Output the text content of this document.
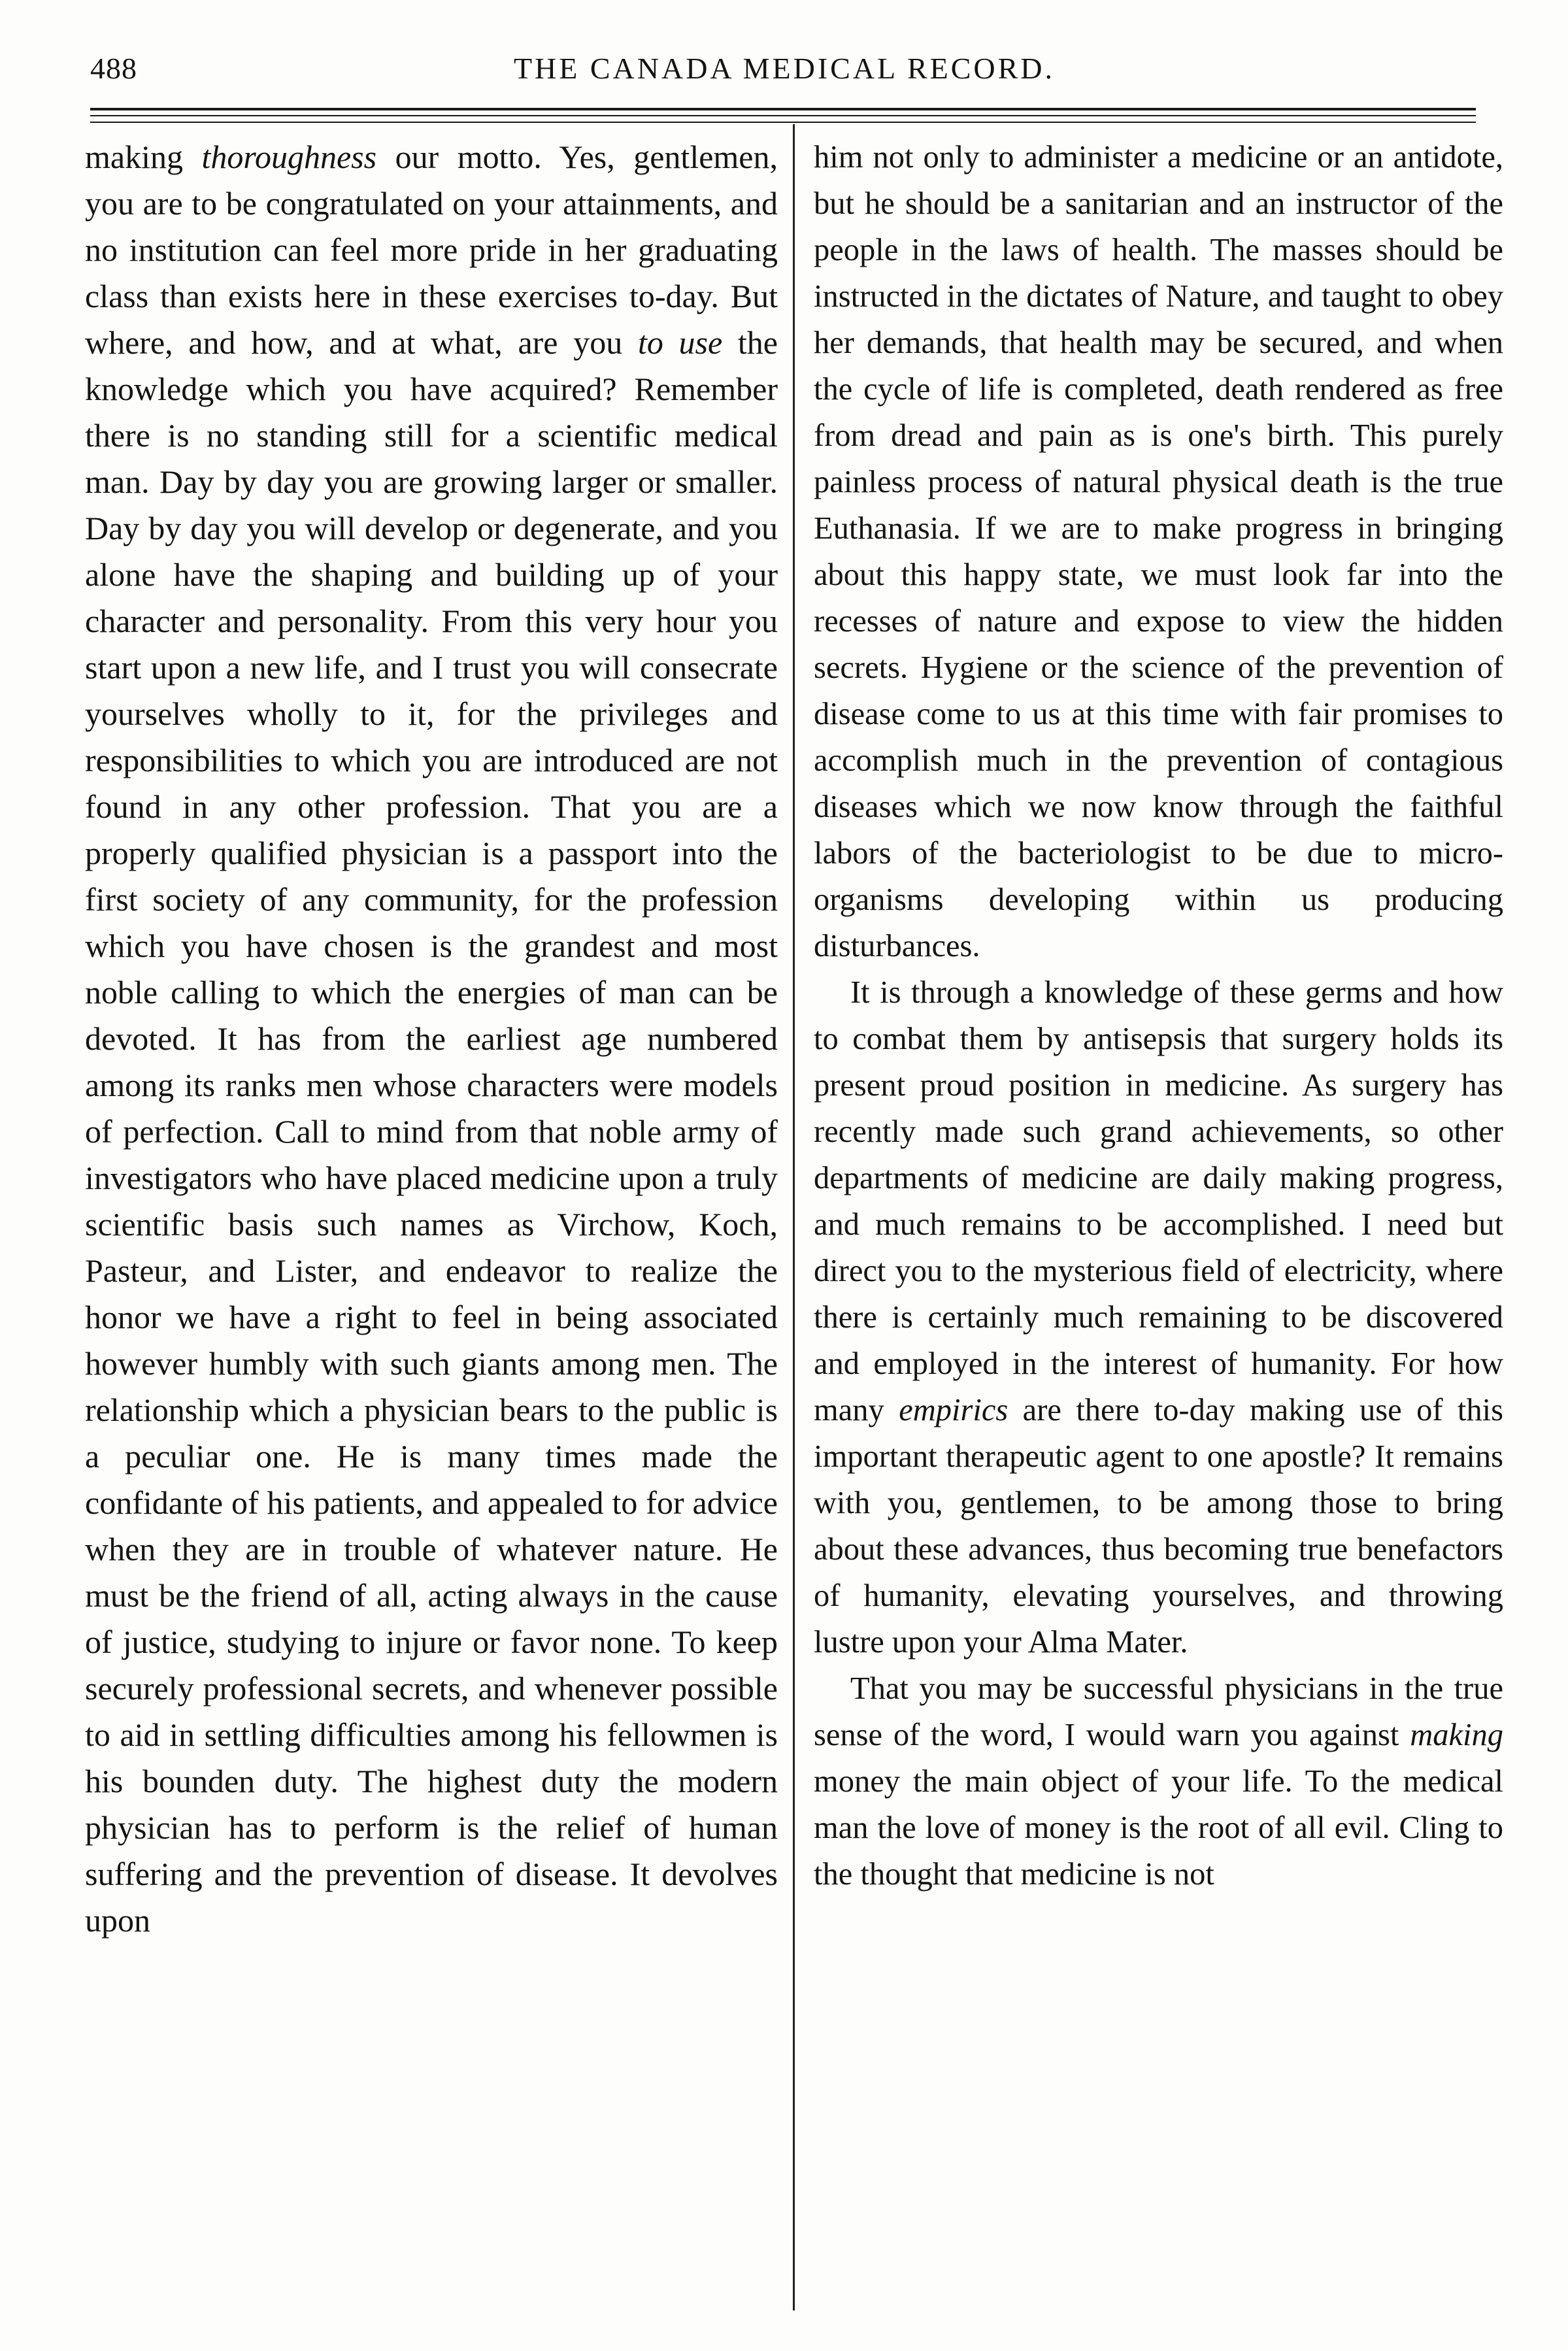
488	THE CANADA MEDICAL RECORD.

making thoroughness our motto. Yes, gentlemen, you are to be congratulated on your attainments, and no institution can feel more pride in her graduating class than exists here in these exercises to-day. But where, and how, and at what, are you to use the knowledge which you have acquired? Remember there is no standing still for a scientific medical man. Day by day you are growing larger or smaller. Day by day you will develop or degenerate, and you alone have the shaping and building up of your character and personality. From this very hour you start upon a new life, and I trust you will consecrate yourselves wholly to it, for the privileges and responsibilities to which you are introduced are not found in any other profession. That you are a properly qualified physician is a passport into the first society of any community, for the profession which you have chosen is the grandest and most noble calling to which the energies of man can be devoted. It has from the earliest age numbered among its ranks men whose characters were models of perfection. Call to mind from that noble army of investigators who have placed medicine upon a truly scientific basis such names as Virchow, Koch, Pasteur, and Lister, and endeavor to realize the honor we have a right to feel in being associated however humbly with such giants among men. The relationship which a physician bears to the public is a peculiar one. He is many times made the confidante of his patients, and appealed to for advice when they are in trouble of whatever nature. He must be the friend of all, acting always in the cause of justice, studying to injure or favor none. To keep securely professional secrets, and whenever possible to aid in settling difficulties among his fellowmen is his bounden duty. The highest duty the modern physician has to perform is the relief of human suffering and the prevention of disease. It devolves upon

him not only to administer a medicine or an antidote, but he should be a sanitarian and an instructor of the people in the laws of health. The masses should be instructed in the dictates of Nature, and taught to obey her demands, that health may be secured, and when the cycle of life is completed, death rendered as free from dread and pain as is one's birth. This purely painless process of natural physical death is the true Euthanasia. If we are to make progress in bringing about this happy state, we must look far into the recesses of nature and expose to view the hidden secrets. Hygiene or the science of the prevention of disease come to us at this time with fair promises to accomplish much in the prevention of contagious diseases which we now know through the faithful labors of the bacteriologist to be due to micro-organisms developing within us producing disturbances.

It is through a knowledge of these germs and how to combat them by antisepsis that surgery holds its present proud position in medicine. As surgery has recently made such grand achievements, so other departments of medicine are daily making progress, and much remains to be accomplished. I need but direct you to the mysterious field of electricity, where there is certainly much remaining to be discovered and employed in the interest of humanity. For how many empirics are there to-day making use of this important therapeutic agent to one apostle? It remains with you, gentlemen, to be among those to bring about these advances, thus becoming true benefactors of humanity, elevating yourselves, and throwing lustre upon your Alma Mater.

That you may be successful physicians in the true sense of the word, I would warn you against making money the main object of your life. To the medical man the love of money is the root of all evil. Cling to the thought that medicine is not
